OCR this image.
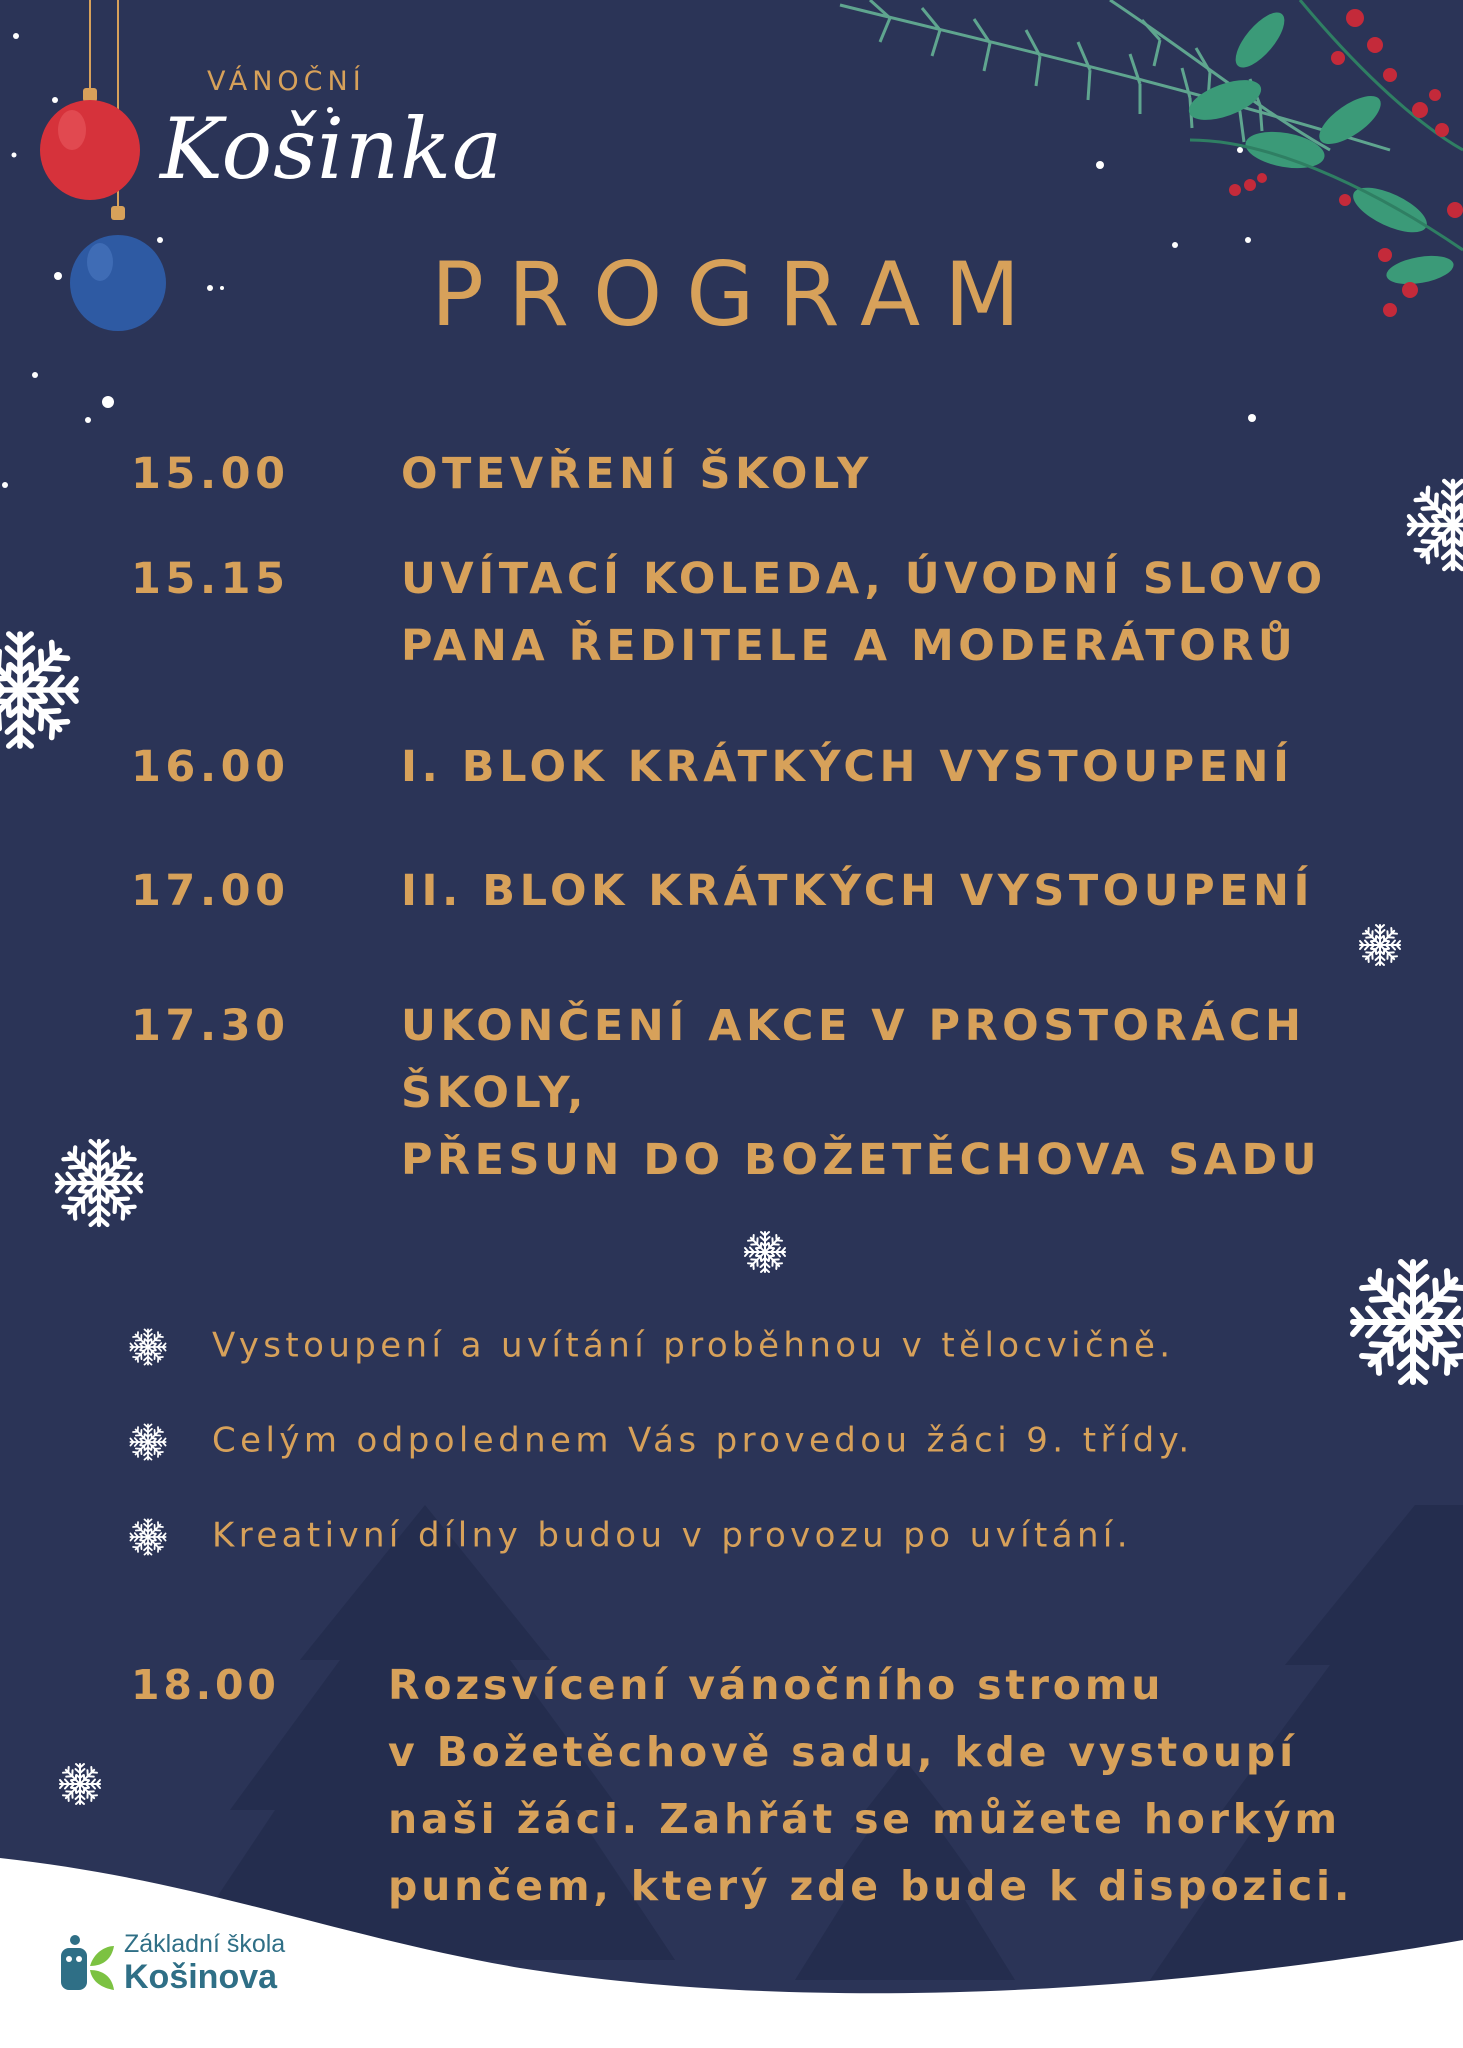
VÁNOČNÍ
Košinka
PROGRAM
15.00	OTEVŘENÍ ŠKOLY
15.15	UVÍTACÍ KOLEDA, ÚVODNÍ SLOVO
PANA ŘEDITELE A MODERÁTORŮ
16.00	I. BLOK KRÁTKÝCH VYSTOUPENÍ
17.00	II. BLOK KRÁTKÝCH VYSTOUPENÍ
17.30	UKONČENÍ AKCE V PROSTORÁCH
ŠKOLY,
PŘESUN DO BOŽETĚCHOVA SADU
Vystoupení a uvítání proběhnou v tělocvičně.
Celým odpolednem Vás provedou žáci 9. třídy.
Kreativní dílny budou v provozu po uvítání.
18.00	Rozsvícení vánočního stromu
v Božetěchově sadu, kde vystoupí
naši žáci. Zahřát se můžete horkým
punčem, který zde bude k dispozici.
Základní škola
Košinova
